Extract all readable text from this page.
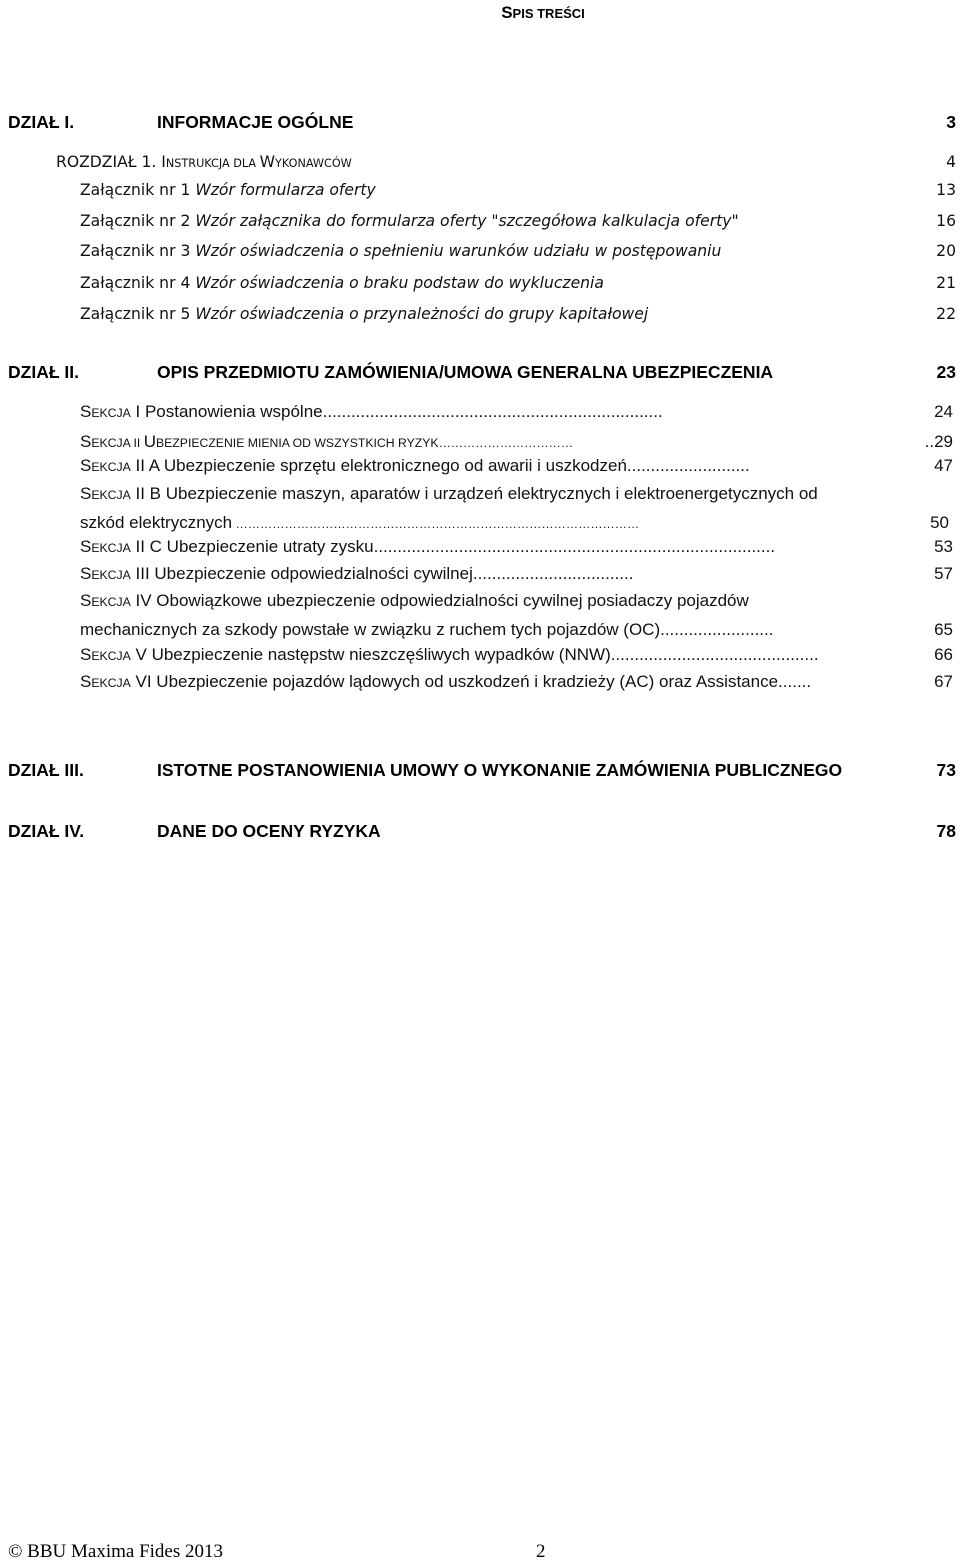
SPIS TREŚCI
DZIAŁ I.	INFORMACJE OGÓLNE	3
ROZDZIAŁ 1. INSTRUKCJA DLA WYKONAWCÓW	4
Załącznik nr 1 Wzór formularza oferty	13
Załącznik nr 2 Wzór załącznika do formularza oferty "szczegółowa kalkulacja oferty"	16
Załącznik nr 3 Wzór oświadczenia o spełnieniu warunków udziału w postępowaniu	20
Załącznik nr 4 Wzór oświadczenia o braku podstaw do wykluczenia	21
Załącznik nr 5 Wzór oświadczenia o przynależności do grupy kapitałowej	22
DZIAŁ II.	OPIS PRZEDMIOTU ZAMÓWIENIA/UMOWA GENERALNA UBEZPIECZENIA	23
SEKCJA I Postanowienia wspólne........................................................................	24
SEKCJA II UBEZPIECZENIE MIENIA OD WSZYSTKICH RYZYK……………………………	..29
SEKCJA II A Ubezpieczenie sprzętu elektronicznego od awarii i uszkodzeń..........................	47
SEKCJA II B Ubezpieczenie maszyn, aparatów i urządzeń elektrycznych i elektroenergetycznych od
szkód elektrycznych ………………………………………………………………………………………	50
SEKCJA II C Ubezpieczenie utraty zysku.....................................................................................	53
SEKCJA III Ubezpieczenie odpowiedzialności cywilnej..................................	57
SEKCJA IV Obowiązkowe ubezpieczenie odpowiedzialności cywilnej posiadaczy pojazdów
mechanicznych za szkody powstałe w związku z ruchem tych pojazdów (OC)........................	65
SEKCJA V Ubezpieczenie następstw nieszczęśliwych wypadków (NNW)............................................	66
SEKCJA VI Ubezpieczenie pojazdów lądowych od uszkodzeń i kradzieży (AC) oraz Assistance.......	67
DZIAŁ III.	ISTOTNE POSTANOWIENIA UMOWY O WYKONANIE ZAMÓWIENIA PUBLICZNEGO	73
DZIAŁ IV.	DANE DO OCENY RYZYKA	78
© BBU Maxima Fides 2013	2
